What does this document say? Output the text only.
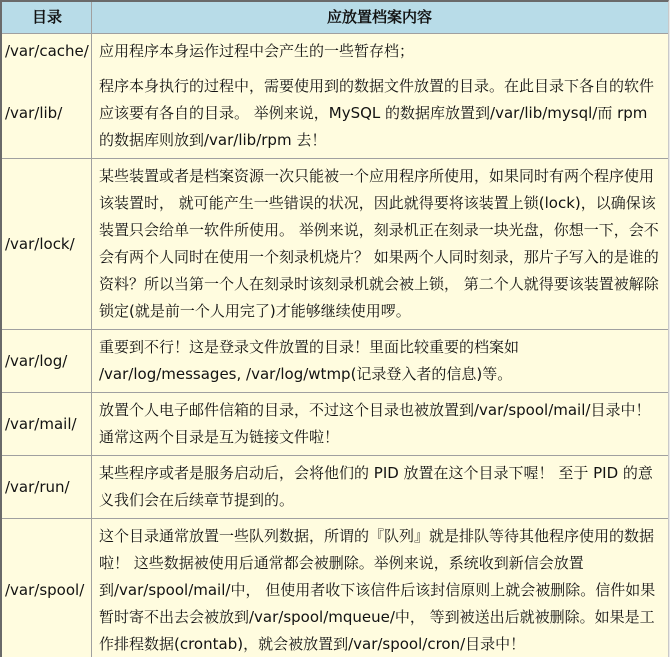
目录	应放置档案内容
/var/cache/ 应用程序本身运作过程中会产生的一些暂存档；
/var/lib/
程序本身执行的过程中，需要使用到的数据文件放置的目录。在此目录下各自的软件应该要有各自的目录。 举例来说，MySQL 的数据库放置到/var/lib/mysql/而 rpm 的数据库则放到/var/lib/rpm 去！
/var/lock/
某些装置或者是档案资源一次只能被一个应用程序所使用，如果同时有两个程序使用该装置时， 就可能产生一些错误的状况，因此就得要将该装置上锁(lock)，以确保该装置只会给单一软件所使用。 举例来说，刻录机正在刻录一块光盘，你想一下，会不会有两个人同时在使用一个刻录机烧片？ 如果两个人同时刻录，那片子写入的是谁的资料？所以当第一个人在刻录时该刻录机就会被上锁， 第二个人就得要该装置被解除锁定(就是前一个人用完了)才能够继续使用啰。
/var/log/
重要到不行！这是登录文件放置的目录！里面比较重要的档案如 /var/log/messages, /var/log/wtmp(记录登入者的信息)等。
/var/mail/
放置个人电子邮件信箱的目录，不过这个目录也被放置到/var/spool/mail/目录中！ 通常这两个目录是互为链接文件啦！
/var/run/
某些程序或者是服务启动后，会将他们的 PID 放置在这个目录下喔！ 至于 PID 的意义我们会在后续章节提到的。
/var/spool/
这个目录通常放置一些队列数据，所谓的『队列』就是排队等待其他程序使用的数据啦！ 这些数据被使用后通常都会被删除。举例来说，系统收到新信会放置到/var/spool/mail/中， 但使用者收下该信件后该封信原则上就会被删除。信件如果暂时寄不出去会被放到/var/spool/mqueue/中， 等到被送出后就被删除。如果是工作排程数据(crontab)，就会被放置到/var/spool/cron/目录中！
